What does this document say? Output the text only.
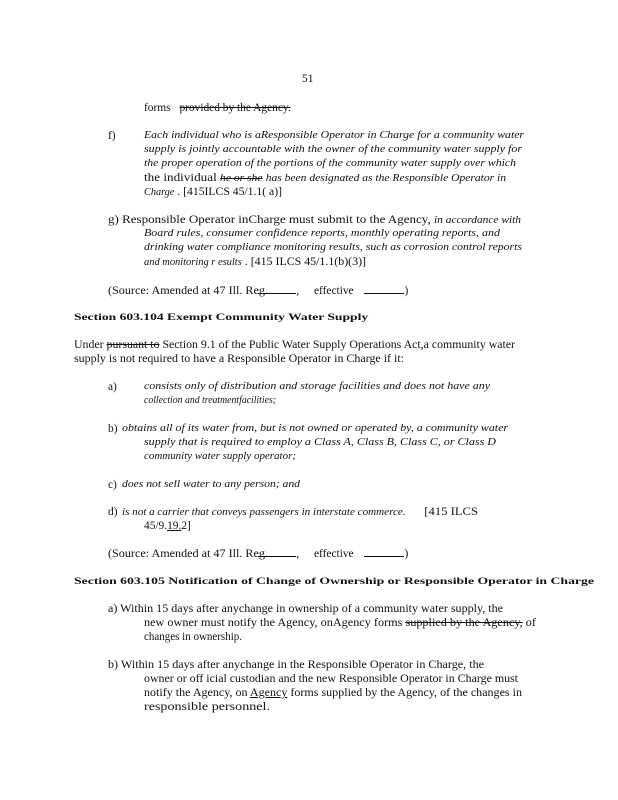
51
forms provided by the Agency.
f)	Each individual who is aResponsible Operator in Charge for a community water
supply is jointly accountable with the owner of the community water supply for
the proper operation of the portions of the community water supply over which
the individual he or she has been designated as the Responsible Operator in
Charge . [415ILCS 45/1.1( a)]
g) Responsible Operator inCharge must submit to the Agency, in accordance with
Board rules, consumer confidence reports, monthly operating reports, and
drinking water compliance monitoring results, such as corrosion control reports
and monitoring r esults . [415 ILCS 45/1.1(b)(3)]
(Source: Amended at 47 Ill. Reg. , effective	)
Section 603.104 Exempt Community Water Supply
Under pursuant to Section 9.1 of the Public Water Supply Operations Act,a community water
supply is not required to have a Responsible Operator in Charge if it:
a)	consists only of distribution and storage facilities and does not have any
collection and treatmentfacilities;
b) obtains all of its water from, but is not owned or operated by, a community water
supply that is required to employ a Class A, Class B, Class C, or Class D
community water supply operator;
c) does not sell water to any person; and
d) is not a carrier that conveys passengers in interstate commerce. [415 ILCS
45/9.19.2]
(Source: Amended at 47 Ill. Reg. , effective	)
Section 603.105 Notification of Change of Ownership or Responsible Operator in Charge
a) Within 15 days after anychange in ownership of a community water supply, the
new owner must notify the Agency, onAgency forms supplied by the Agency, of
changes in ownership.
b) Within 15 days after anychange in the Responsible Operator in Charge, the
owner or off icial custodian and the new Responsible Operator in Charge must
notify the Agency, on Agency forms supplied by the Agency, of the changes in
responsible personnel.
